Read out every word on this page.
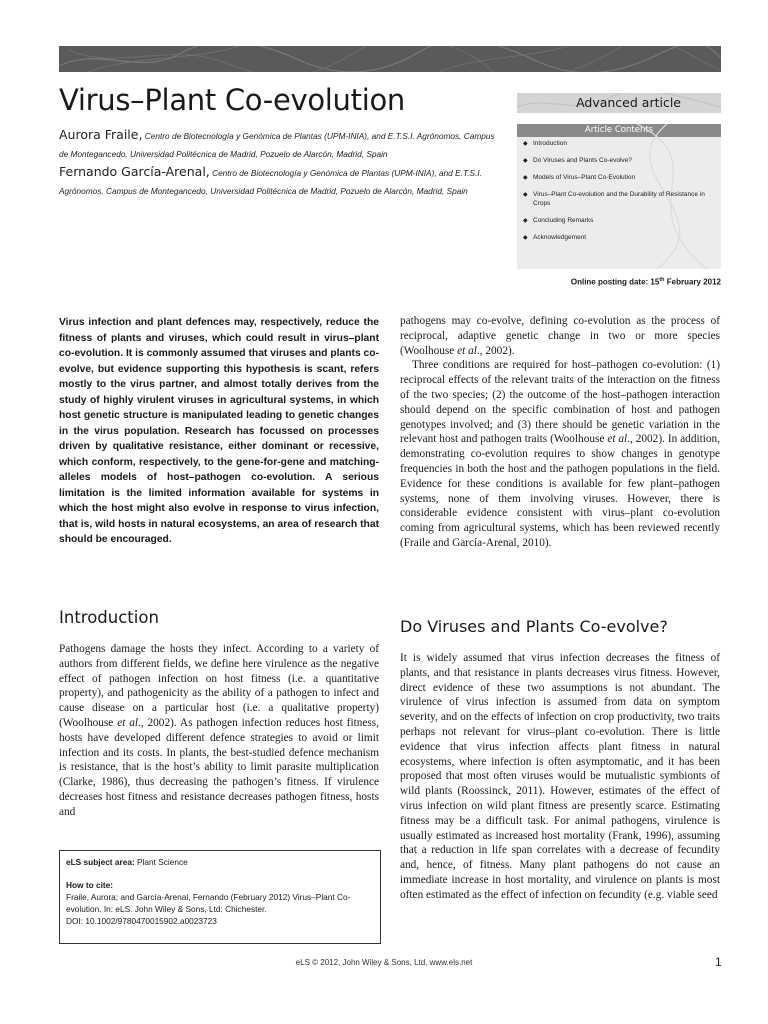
Virus–Plant Co-evolution

Aurora Fraile, Centro de Biotecnología y Genómica de Plantas (UPM-INIA), and E.T.S.I. Agrónomos, Campus de Montegancedo, Universidad Politécnica de Madrid, Pozuelo de Alarcón, Madrid, Spain

Fernando García-Arenal, Centro de Biotecnología y Genómica de Plantas (UPM-INIA), and E.T.S.I. Agrónomos, Campus de Montegancedo, Universidad Politécnica de Madrid, Pozuelo de Alarcón, Madrid, Spain

Advanced article
Article Contents
◆ Introduction
◆ Do Viruses and Plants Co-evolve?
◆ Models of Virus–Plant Co-Evolution
◆ Virus–Plant Co-evolution and the Durability of Resistance in Crops
◆ Concluding Remarks
◆ Acknowledgement
Online posting date: 15th February 2012
Virus infection and plant defences may, respectively, reduce the fitness of plants and viruses, which could result in virus–plant co-evolution. It is commonly assumed that viruses and plants co-evolve, but evidence supporting this hypothesis is scant, refers mostly to the virus partner, and almost totally derives from the study of highly virulent viruses in agricultural systems, in which host genetic structure is manipulated leading to genetic changes in the virus population. Research has focussed on processes driven by qualitative resistance, either dominant or recessive, which conform, respectively, to the gene-for-gene and matching-alleles models of host–pathogen co-evolution. A serious limitation is the limited information available for systems in which the host might also evolve in response to virus infection, that is, wild hosts in natural ecosystems, an area of research that should be encouraged.

pathogens may co-evolve, defining co-evolution as the process of reciprocal, adaptive genetic change in two or more species (Woolhouse et al., 2002).

Three conditions are required for host–pathogen co-evolution: (1) reciprocal effects of the relevant traits of the interaction on the fitness of the two species; (2) the outcome of the host–pathogen interaction should depend on the specific combination of host and pathogen genotypes involved; and (3) there should be genetic variation in the relevant host and pathogen traits (Woolhouse et al., 2002). In addition, demonstrating co-evolution requires to show changes in genotype frequencies in both the host and the pathogen populations in the field. Evidence for these conditions is available for few plant–pathogen systems, none of them involving viruses. However, there is considerable evidence consistent with virus–plant co-evolution coming from agricultural systems, which has been reviewed recently (Fraile and García-Arenal, 2010).

Introduction

Pathogens damage the hosts they infect. According to a variety of authors from different fields, we define here virulence as the negative effect of pathogen infection on host fitness (i.e. a quantitative property), and pathogenicity as the ability of a pathogen to infect and cause disease on a particular host (i.e. a qualitative property) (Woolhouse et al., 2002). As pathogen infection reduces host fitness, hosts have developed different defence strategies to avoid or limit infection and its costs. In plants, the best-studied defence mechanism is resistance, that is the host’s ability to limit parasite multiplication (Clarke, 1986), thus decreasing the pathogen’s fitness. If virulence decreases host fitness and resistance decreases pathogen fitness, hosts and

Do Viruses and Plants Co-evolve?

It is widely assumed that virus infection decreases the fitness of plants, and that resistance in plants decreases virus fitness. However, direct evidence of these two assumptions is not abundant. The virulence of virus infection is assumed from data on symptom severity, and on the effects of infection on crop productivity, two traits perhaps not relevant for virus–plant co-evolution. There is little evidence that virus infection affects plant fitness in natural ecosystems, where infection is often asymptomatic, and it has been proposed that most often viruses would be mutualistic symbionts of wild plants (Roossinck, 2011). However, estimates of the effect of virus infection on wild plant fitness are presently scarce. Estimating fitness may be a difficult task. For animal pathogens, virulence is usually estimated as increased host mortality (Frank, 1996), assuming that a reduction in life span correlates with a decrease of fecundity and, hence, of fitness. Many plant pathogens do not cause an immediate increase in host mortality, and virulence on plants is most often estimated as the effect of infection on fecundity (e.g. viable seed

eLS subject area: Plant Science
How to cite:
Fraile, Aurora; and García-Arenal, Fernando (February 2012) Virus–Plant Co-evolution. In: eLS. John Wiley & Sons, Ltd: Chichester.
DOI: 10.1002/9780470015902.a0023723
eLS © 2012, John Wiley & Sons, Ltd. www.els.net	1
